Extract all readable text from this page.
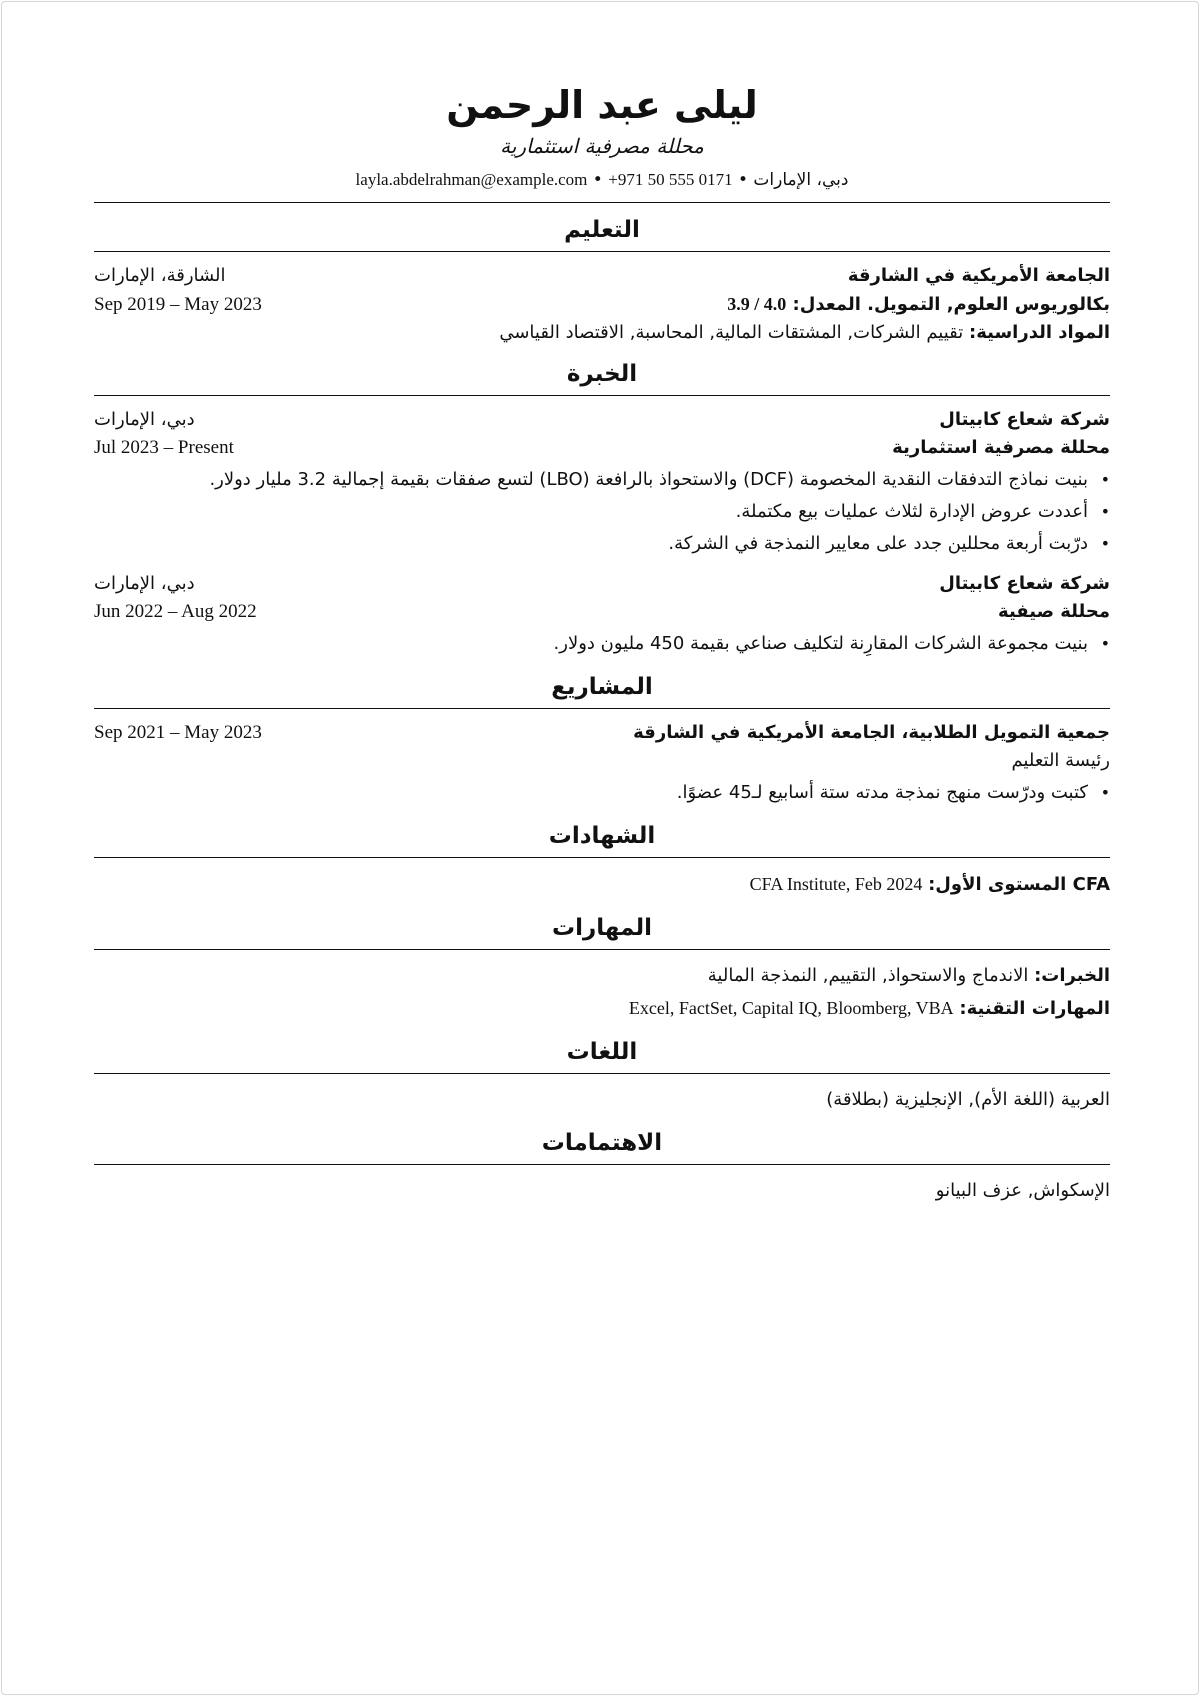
ليلى عبد الرحمن
محللة مصرفية استثمارية
دبي، الإمارات • +971 50 555 0171 • layla.abdelrahman@example.com
التعليم
الجامعة الأمريكية في الشارقة
الشارقة، الإمارات
بكالوريوس العلوم, التمويل. المعدل: 3.9 / 4.0
Sep 2019 – May 2023
المواد الدراسية: تقييم الشركات, المشتقات المالية, المحاسبة, الاقتصاد القياسي
الخبرة
شركة شعاع كابيتال
دبي، الإمارات
محللة مصرفية استثمارية
Jul 2023 – Present
• بنيت نماذج التدفقات النقدية المخصومة (DCF) والاستحواذ بالرافعة (LBO) لتسع صفقات بقيمة إجمالية 3.2 مليار دولار.
• أعددت عروض الإدارة لثلاث عمليات بيع مكتملة.
• درّبت أربعة محللين جدد على معايير النمذجة في الشركة.
شركة شعاع كابيتال
دبي، الإمارات
محللة صيفية
Jun 2022 – Aug 2022
• بنيت مجموعة الشركات المقارِنة لتكليف صناعي بقيمة 450 مليون دولار.
المشاريع
جمعية التمويل الطلابية، الجامعة الأمريكية في الشارقة
Sep 2021 – May 2023
رئيسة التعليم
• كتبت ودرّست منهج نمذجة مدته ستة أسابيع لـ45 عضوًا.
الشهادات
CFA المستوى الأول: CFA Institute, Feb 2024
المهارات
الخبرات: الاندماج والاستحواذ, التقييم, النمذجة المالية
المهارات التقنية: Excel, FactSet, Capital IQ, Bloomberg, VBA
اللغات
العربية (اللغة الأم), الإنجليزية (بطلاقة)
الاهتمامات
الإسكواش, عزف البيانو
